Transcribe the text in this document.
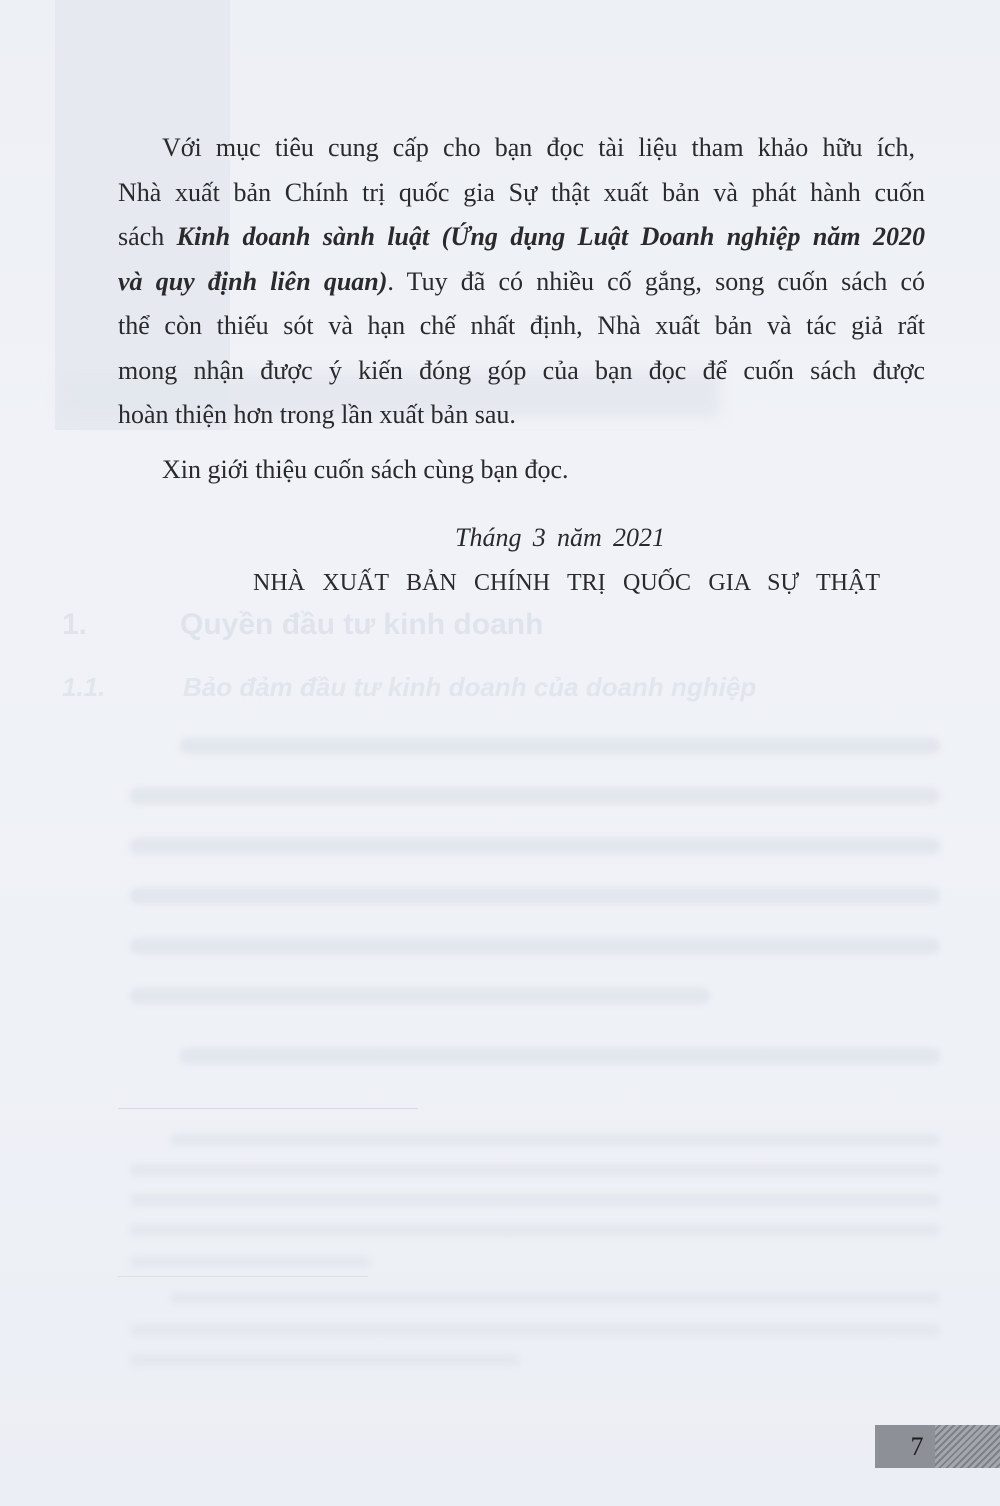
1.	Quyền đầu tư kinh doanh
1.1.	Bảo đảm đầu tư kinh doanh của doanh nghiệp
Với mục tiêu cung cấp cho bạn đọc tài liệu tham khảo hữu ích,
Nhà xuất bản Chính trị quốc gia Sự thật xuất bản và phát hành cuốn
sách Kinh doanh sành luật (Ứng dụng Luật Doanh nghiệp năm 2020
và quy định liên quan). Tuy đã có nhiều cố gắng, song cuốn sách có
thể còn thiếu sót và hạn chế nhất định, Nhà xuất bản và tác giả rất
mong nhận được ý kiến đóng góp của bạn đọc để cuốn sách được
hoàn thiện hơn trong lần xuất bản sau.
Xin giới thiệu cuốn sách cùng bạn đọc.
Tháng 3 năm 2021
NHÀ XUẤT BẢN CHÍNH TRỊ QUỐC GIA SỰ THẬT
7
